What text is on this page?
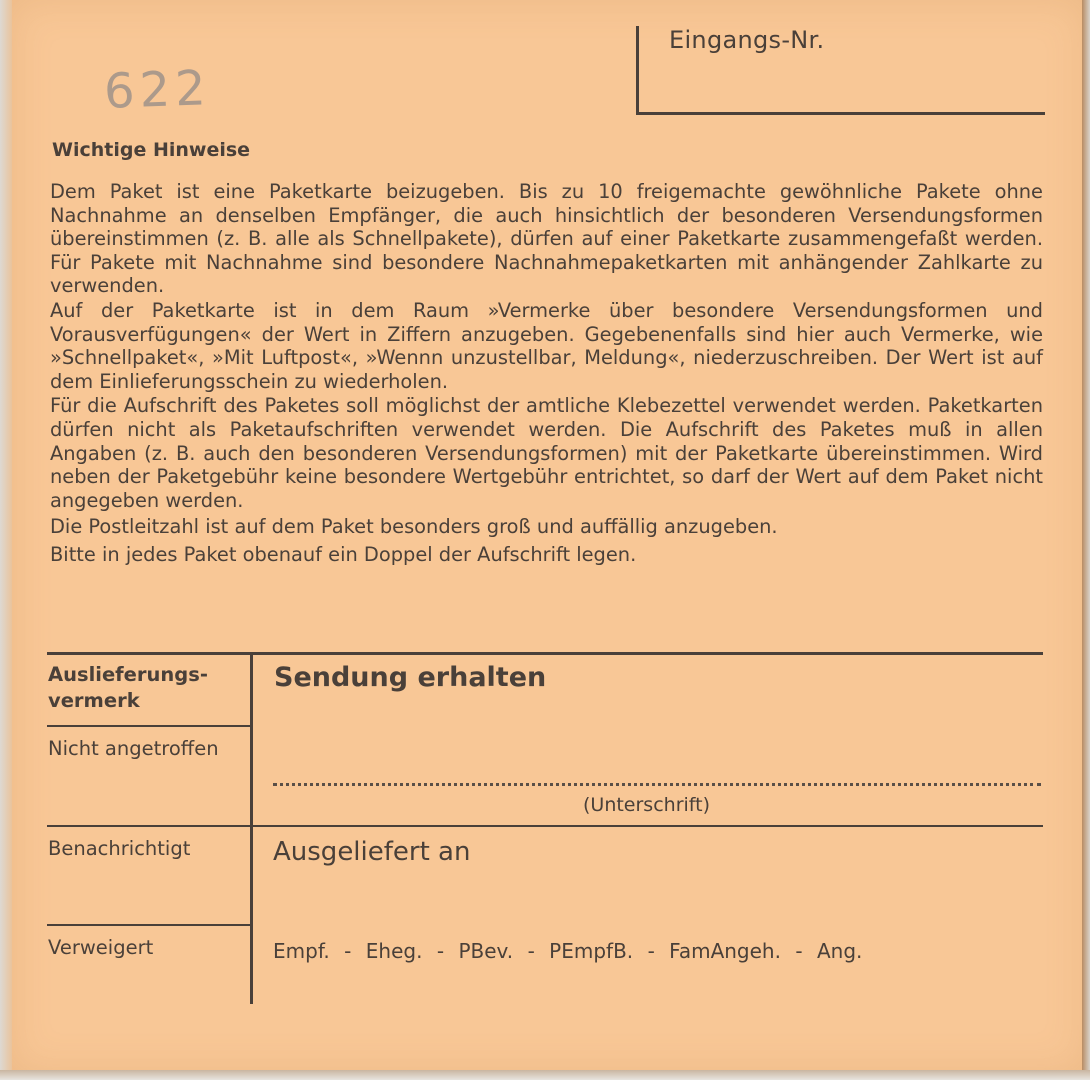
Eingangs-Nr.
622
Wichtige Hinweise

Dem Paket ist eine Paketkarte beizugeben. Bis zu 10 freigemachte gewöhnliche Pakete ohne Nachnahme an denselben Empfänger, die auch hinsichtlich der besonderen Versendungsformen übereinstimmen (z. B. alle als Schnellpakete), dürfen auf einer Paketkarte zusammengefaßt werden. Für Pakete mit Nachnahme sind besondere Nachnahmepaketkarten mit anhängender Zahlkarte zu verwenden.

Auf der Paketkarte ist in dem Raum »Vermerke über besondere Versendungsformen und Vorausverfügungen« der Wert in Ziffern anzugeben. Gegebenenfalls sind hier auch Vermerke, wie »Schnellpaket«, »Mit Luftpost«, »Wennn unzustellbar, Meldung«, niederzuschreiben. Der Wert ist auf dem Einlieferungsschein zu wiederholen.

Für die Aufschrift des Paketes soll möglichst der amtliche Klebezettel verwendet werden. Paketkarten dürfen nicht als Paketaufschriften verwendet werden. Die Aufschrift des Paketes muß in allen Angaben (z. B. auch den besonderen Versendungsformen) mit der Paketkarte übereinstimmen. Wird neben der Paketgebühr keine besondere Wertgebühr entrichtet, so darf der Wert auf dem Paket nicht angegeben werden.

Die Postleitzahl ist auf dem Paket besonders groß und auffällig anzugeben.

Bitte in jedes Paket obenauf ein Doppel der Aufschrift legen.

Auslieferungs-
vermerk
Nicht angetroffen
Benachrichtigt
Verweigert
Sendung erhalten
(Unterschrift)
Ausgeliefert an
Empf. - Eheg. - PBev. - PEmpfB. - FamAngeh. - Ang.
